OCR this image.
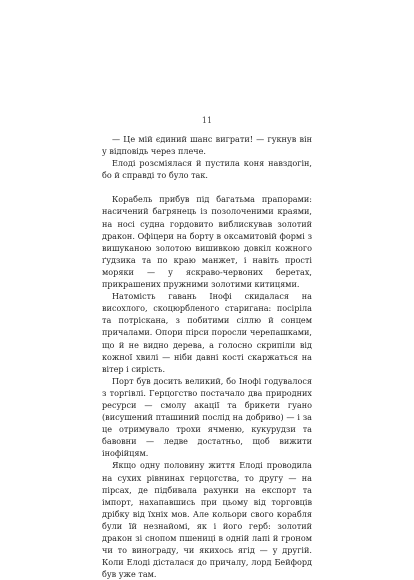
11

— Це мій єдиний шанс виграти! — гукнув він у відповідь через плече.

Елоді розсміялася й пустила коня навздогін, бо й справді то було так.

Корабель прибув під багатьма прапорами: насичений багрянець із позолоченими краями, на носі судна гордовито виблискував золотий дракон. Офіцери на борту в оксамитовій формі з вишуканою золотою вишивкою довкіл кожного ґудзика та по краю манжет, і навіть прості моряки — у яскраво-червоних беретах, прикрашених пружними золотими китицями.

Натомість гавань Інофі скидалася на висохлого, скоцюрбленого старигана: посірілa та потріскана, з побитими сіллю й сонцем причалами. Опори пірси поросли черепашками, що й не видно дерева, а голосно скрипіли від кожної хвилі — ніби давні кості скаржаться на вітер і сирість.

Порт був досить великий, бо Інофі годувалося з торгівлі. Герцогство постачало два природних ресурси — смолу акації та брикети гуано (висушений пташиний послід на добриво) — і за це отримувало трохи ячменю, кукурудзи та бавовни — ледве достатньо, щоб вижити інофійцям.

Якщо одну половину життя Елоді проводила на сухих рівнинах герцогства, то другу — на пірсах, де підбивала рахунки на експорт та імпорт, нахапавшись при цьому від торговців дрібку від їхніх мов. Але кольори свого корабля були їй незнайомі, як і його герб: золотий дракон зі снопом пшениці в одній лапі й гроном чи то винограду, чи якихось ягід — у другій. Коли Елоді дісталася до причалу, лорд Бейфорд був уже там.
